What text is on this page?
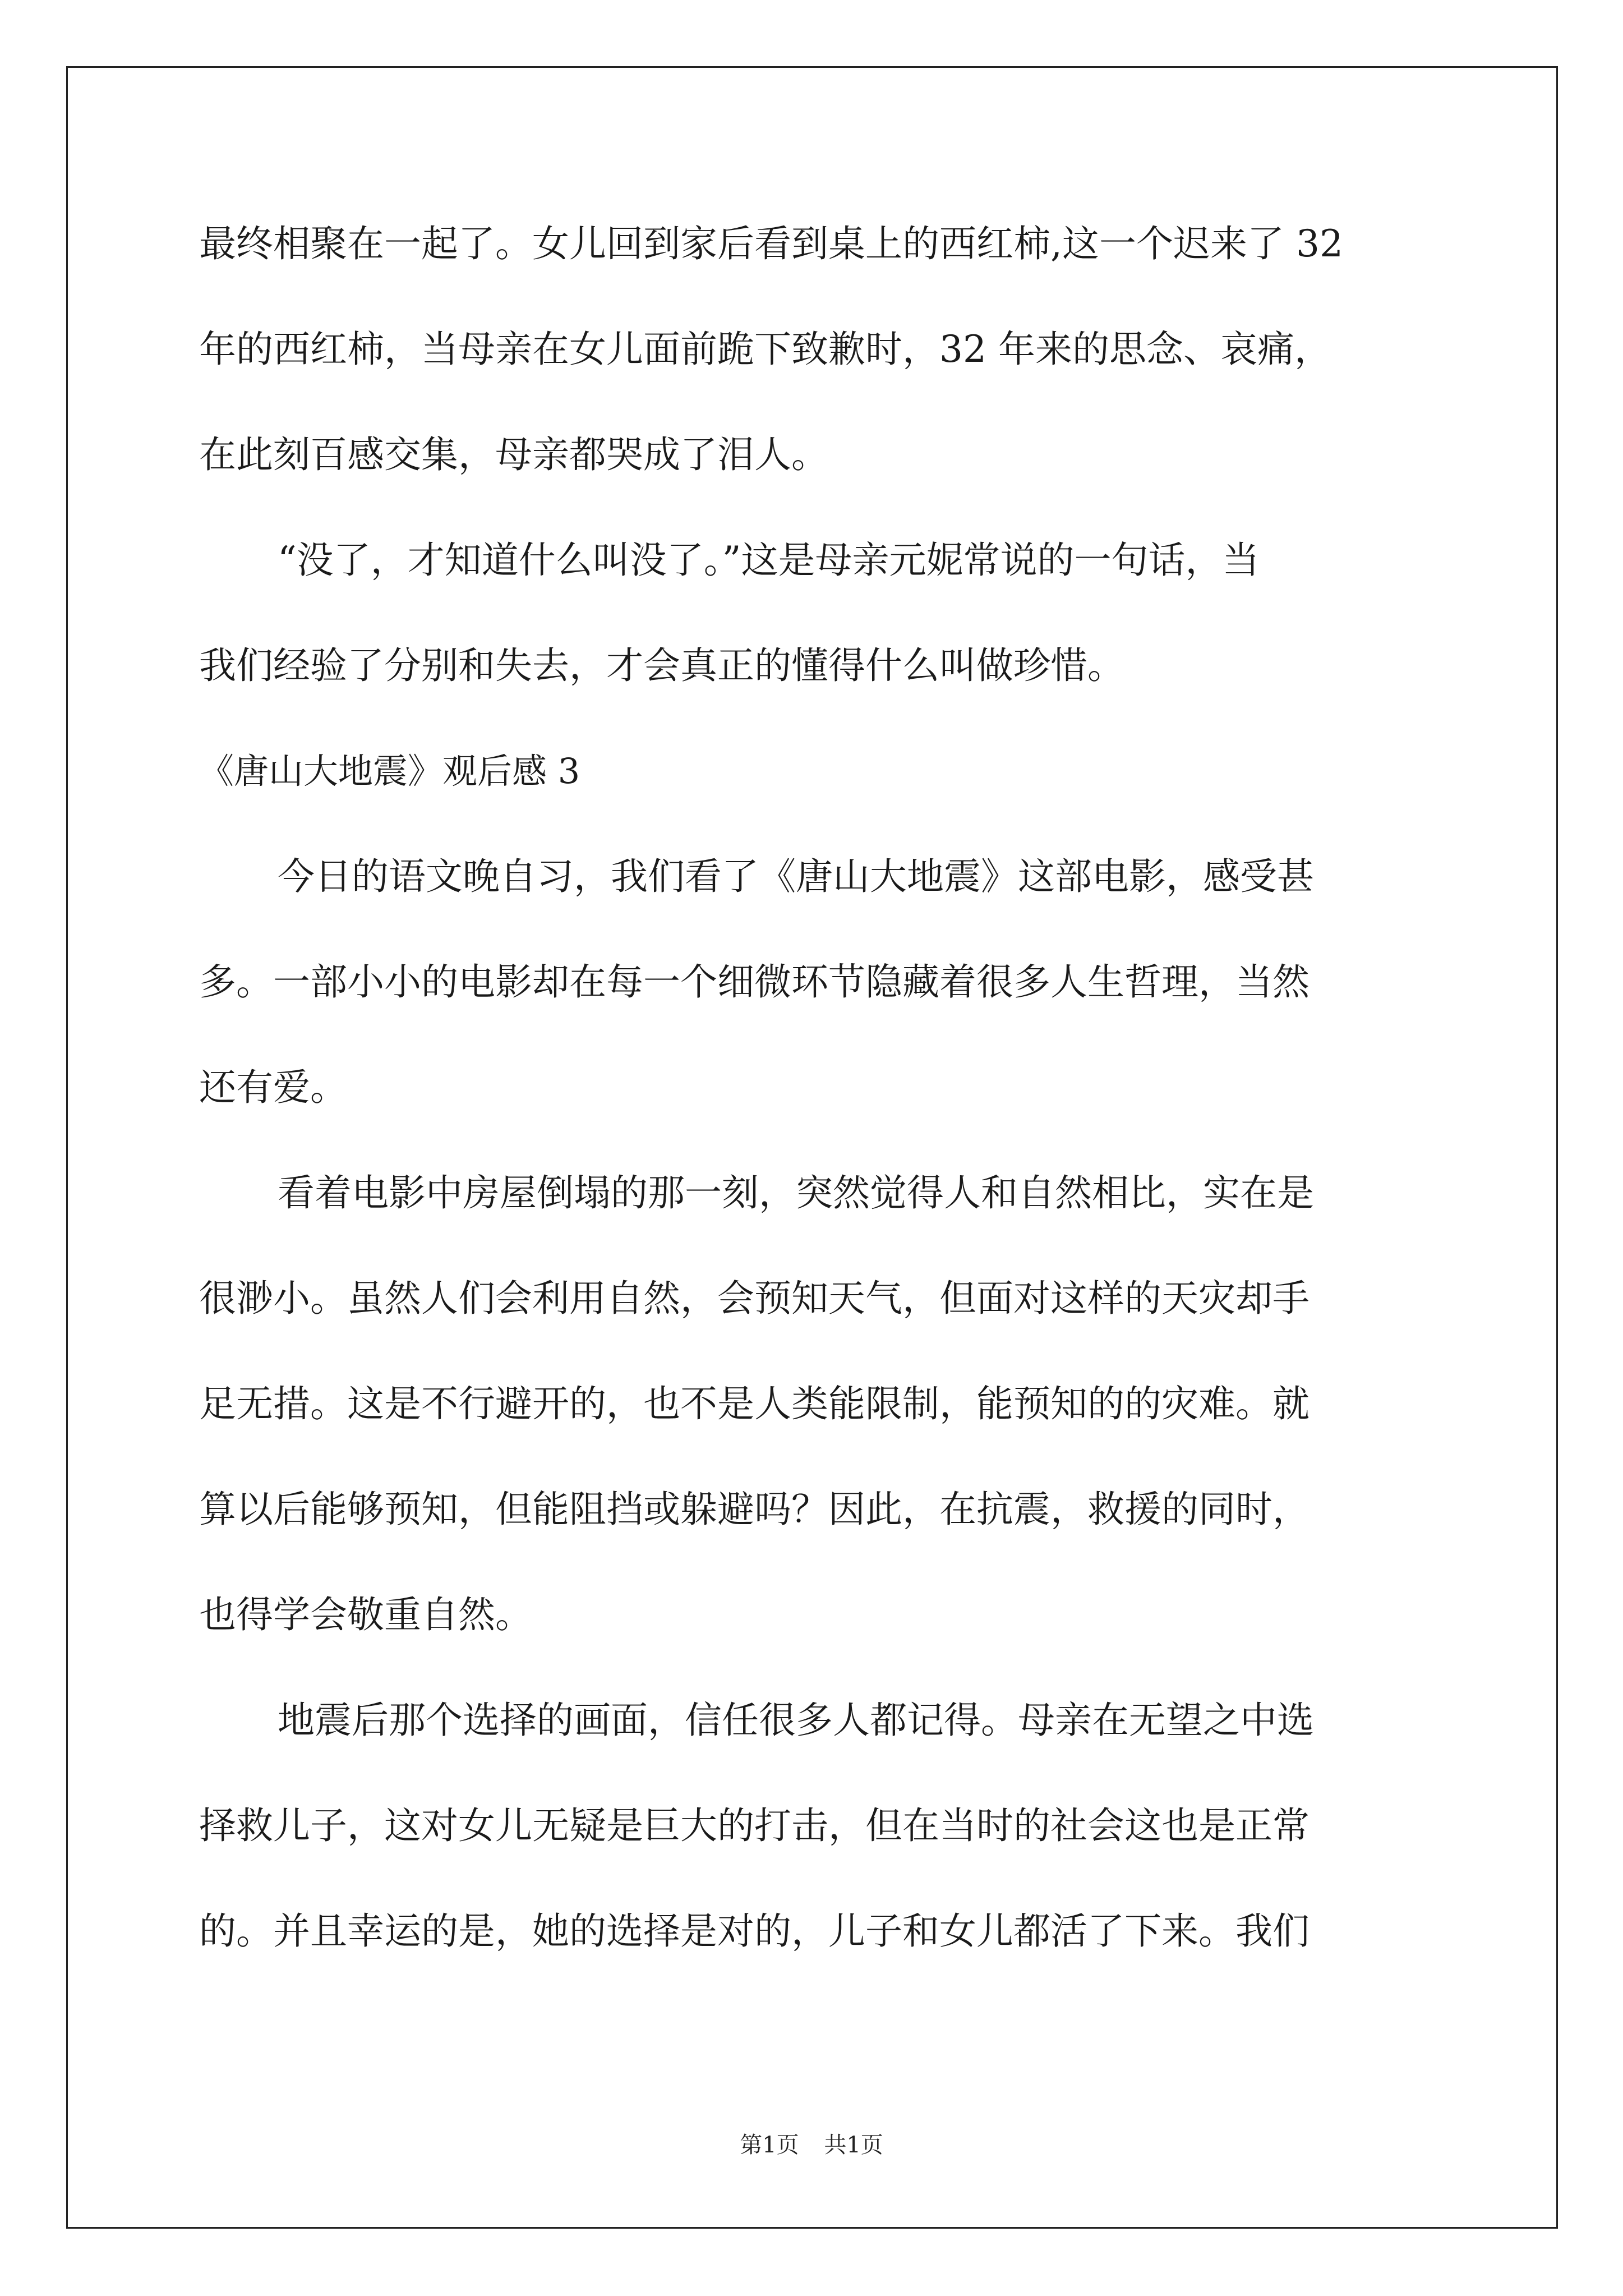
最终相聚在一起了。女儿回到家后看到桌上的西红柿,这一个迟来了 32
年的西红柿，当母亲在女儿面前跪下致歉时，32 年来的思念、哀痛，
在此刻百感交集，母亲都哭成了泪人。
“没了，才知道什么叫没了。”这是母亲元妮常说的一句话，当
我们经验了分别和失去，才会真正的懂得什么叫做珍惜。
《唐山大地震》观后感 3
今日的语文晚自习，我们看了《唐山大地震》这部电影，感受甚
多。一部小小的电影却在每一个细微环节隐藏着很多人生哲理，当然
还有爱。
看着电影中房屋倒塌的那一刻，突然觉得人和自然相比，实在是
很渺小。虽然人们会利用自然，会预知天气，但面对这样的天灾却手
足无措。这是不行避开的，也不是人类能限制，能预知的的灾难。就
算以后能够预知，但能阻挡或躲避吗？因此，在抗震，救援的同时，
也得学会敬重自然。
地震后那个选择的画面，信任很多人都记得。母亲在无望之中选
择救儿子，这对女儿无疑是巨大的打击，但在当时的社会这也是正常
的。并且幸运的是，她的选择是对的，儿子和女儿都活了下来。我们
第1页 共1页
